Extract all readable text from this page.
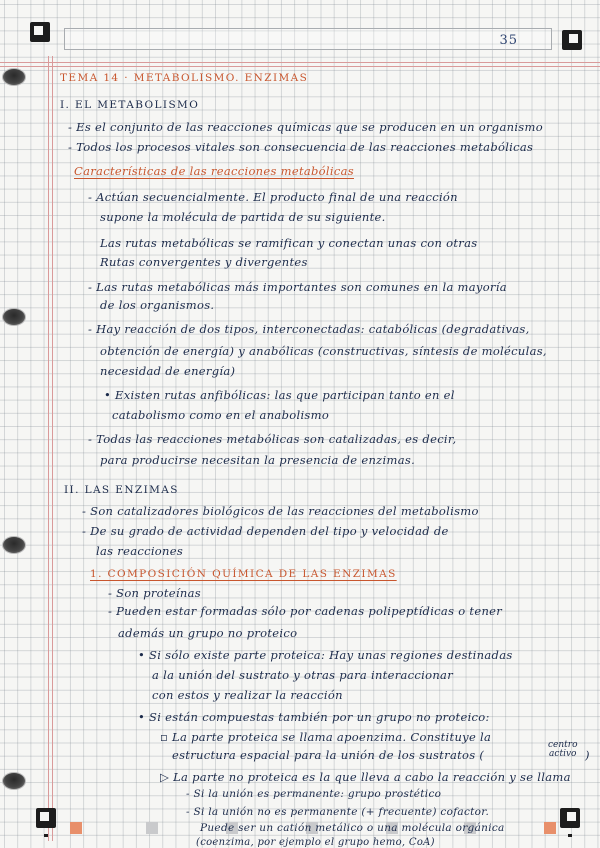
35
TEMA 14 · METABOLISMO. ENZIMAS
I. EL METABOLISMO
- Es el conjunto de las reacciones químicas que se producen en un organismo
- Todos los procesos vitales son consecuencia de las reacciones metabólicas
Características de las reacciones metabólicas
- Actúan secuencialmente. El producto final de una reacción
supone la molécula de partida de su siguiente.
Las rutas metabólicas se ramifican y conectan unas con otras
Rutas convergentes y divergentes
- Las rutas metabólicas más importantes son comunes en la mayoría
de los organismos.
- Hay reacción de dos tipos, interconectadas: catabólicas (degradativas,
obtención de energía) y anabólicas (constructivas, síntesis de moléculas,
necesidad de energía)
• Existen rutas anfibólicas: las que participan tanto en el
catabolismo como en el anabolismo
- Todas las reacciones metabólicas son catalizadas, es decir,
para producirse necesitan la presencia de enzimas.
II. LAS ENZIMAS
- Son catalizadores biológicos de las reacciones del metabolismo
- De su grado de actividad dependen del tipo y velocidad de
las reacciones
1. COMPOSICIÓN QUÍMICA DE LAS ENZIMAS
- Son proteínas
- Pueden estar formadas sólo por cadenas polipeptídicas o tener
además un grupo no proteico
• Si sólo existe parte proteica: Hay unas regiones destinadas
a la unión del sustrato y otras para interaccionar
con estos y realizar la reacción
• Si están compuestas también por un grupo no proteico:
▫ La parte proteica se llama apoenzima. Constituye la
estructura espacial para la unión de los sustratos (
centro
activo )
▷ La parte no proteica es la que lleva a cabo la reacción y se llama
- Si la unión es permanente: grupo prostético
- Si la unión no es permanente (+ frecuente) cofactor.
Puede ser un catión metálico o una molécula orgánica
(coenzima, por ejemplo el grupo hemo, CoA)
